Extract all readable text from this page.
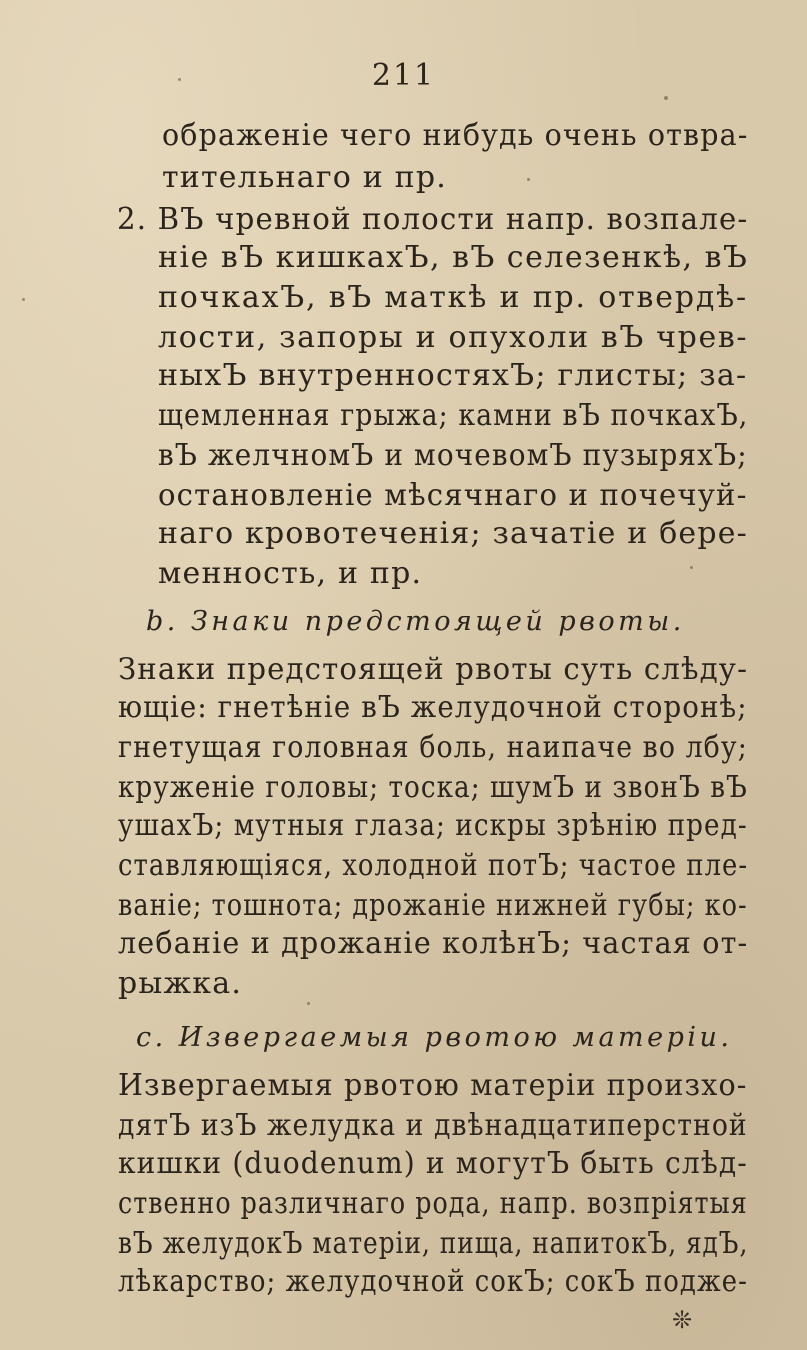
211
ображеніе чего нибудь очень отвра-
тительнаго и пр.
2. ВЪ чревной полости напр. возпале-
ніе вЪ кишкахЪ, вЪ селезенкѣ, вЪ
почкахЪ, вЪ маткѣ и пр. отвердѣ-
лости, запоры и опухоли вЪ чрев-
ныхЪ внутренностяхЪ; глисты; за-
щемленная грыжа; камни вЪ почкахЪ,
вЪ желчномЪ и мочевомЪ пузыряхЪ;
остановленіе мѣсячнаго и почечуй-
наго кровотеченія; зачатіе и бере-
менность, и пр.
b. Знаки предстоящей рвоты.
Знаки предстоящей рвоты суть слѣду-
ющіе: гнетѣніе вЪ желудочной сторонѣ;
гнетущая головная боль, наипаче во лбу;
круженіе головы; тоска; шумЪ и звонЪ вЪ
ушахЪ; мутныя глаза; искры зрѣнію пред-
ставляющіяся, холодной потЪ; частое пле-
ваніе; тошнота; дрожаніе нижней губы; ко-
лебаніе и дрожаніе колѣнЪ; частая от-
рыжка.
c. Извергаемыя рвотою матеріи.
Извергаемыя рвотою матеріи произхо-
дятЪ изЪ желудка и двѣнадцатиперстной
кишки (duodenum) и могутЪ быть слѣд-
ственно различнаго рода, напр. возпріятыя
вЪ желудокЪ матеріи, пища, напитокЪ, ядЪ,
лѣкарство; желудочной сокЪ; сокЪ подже-
❊
